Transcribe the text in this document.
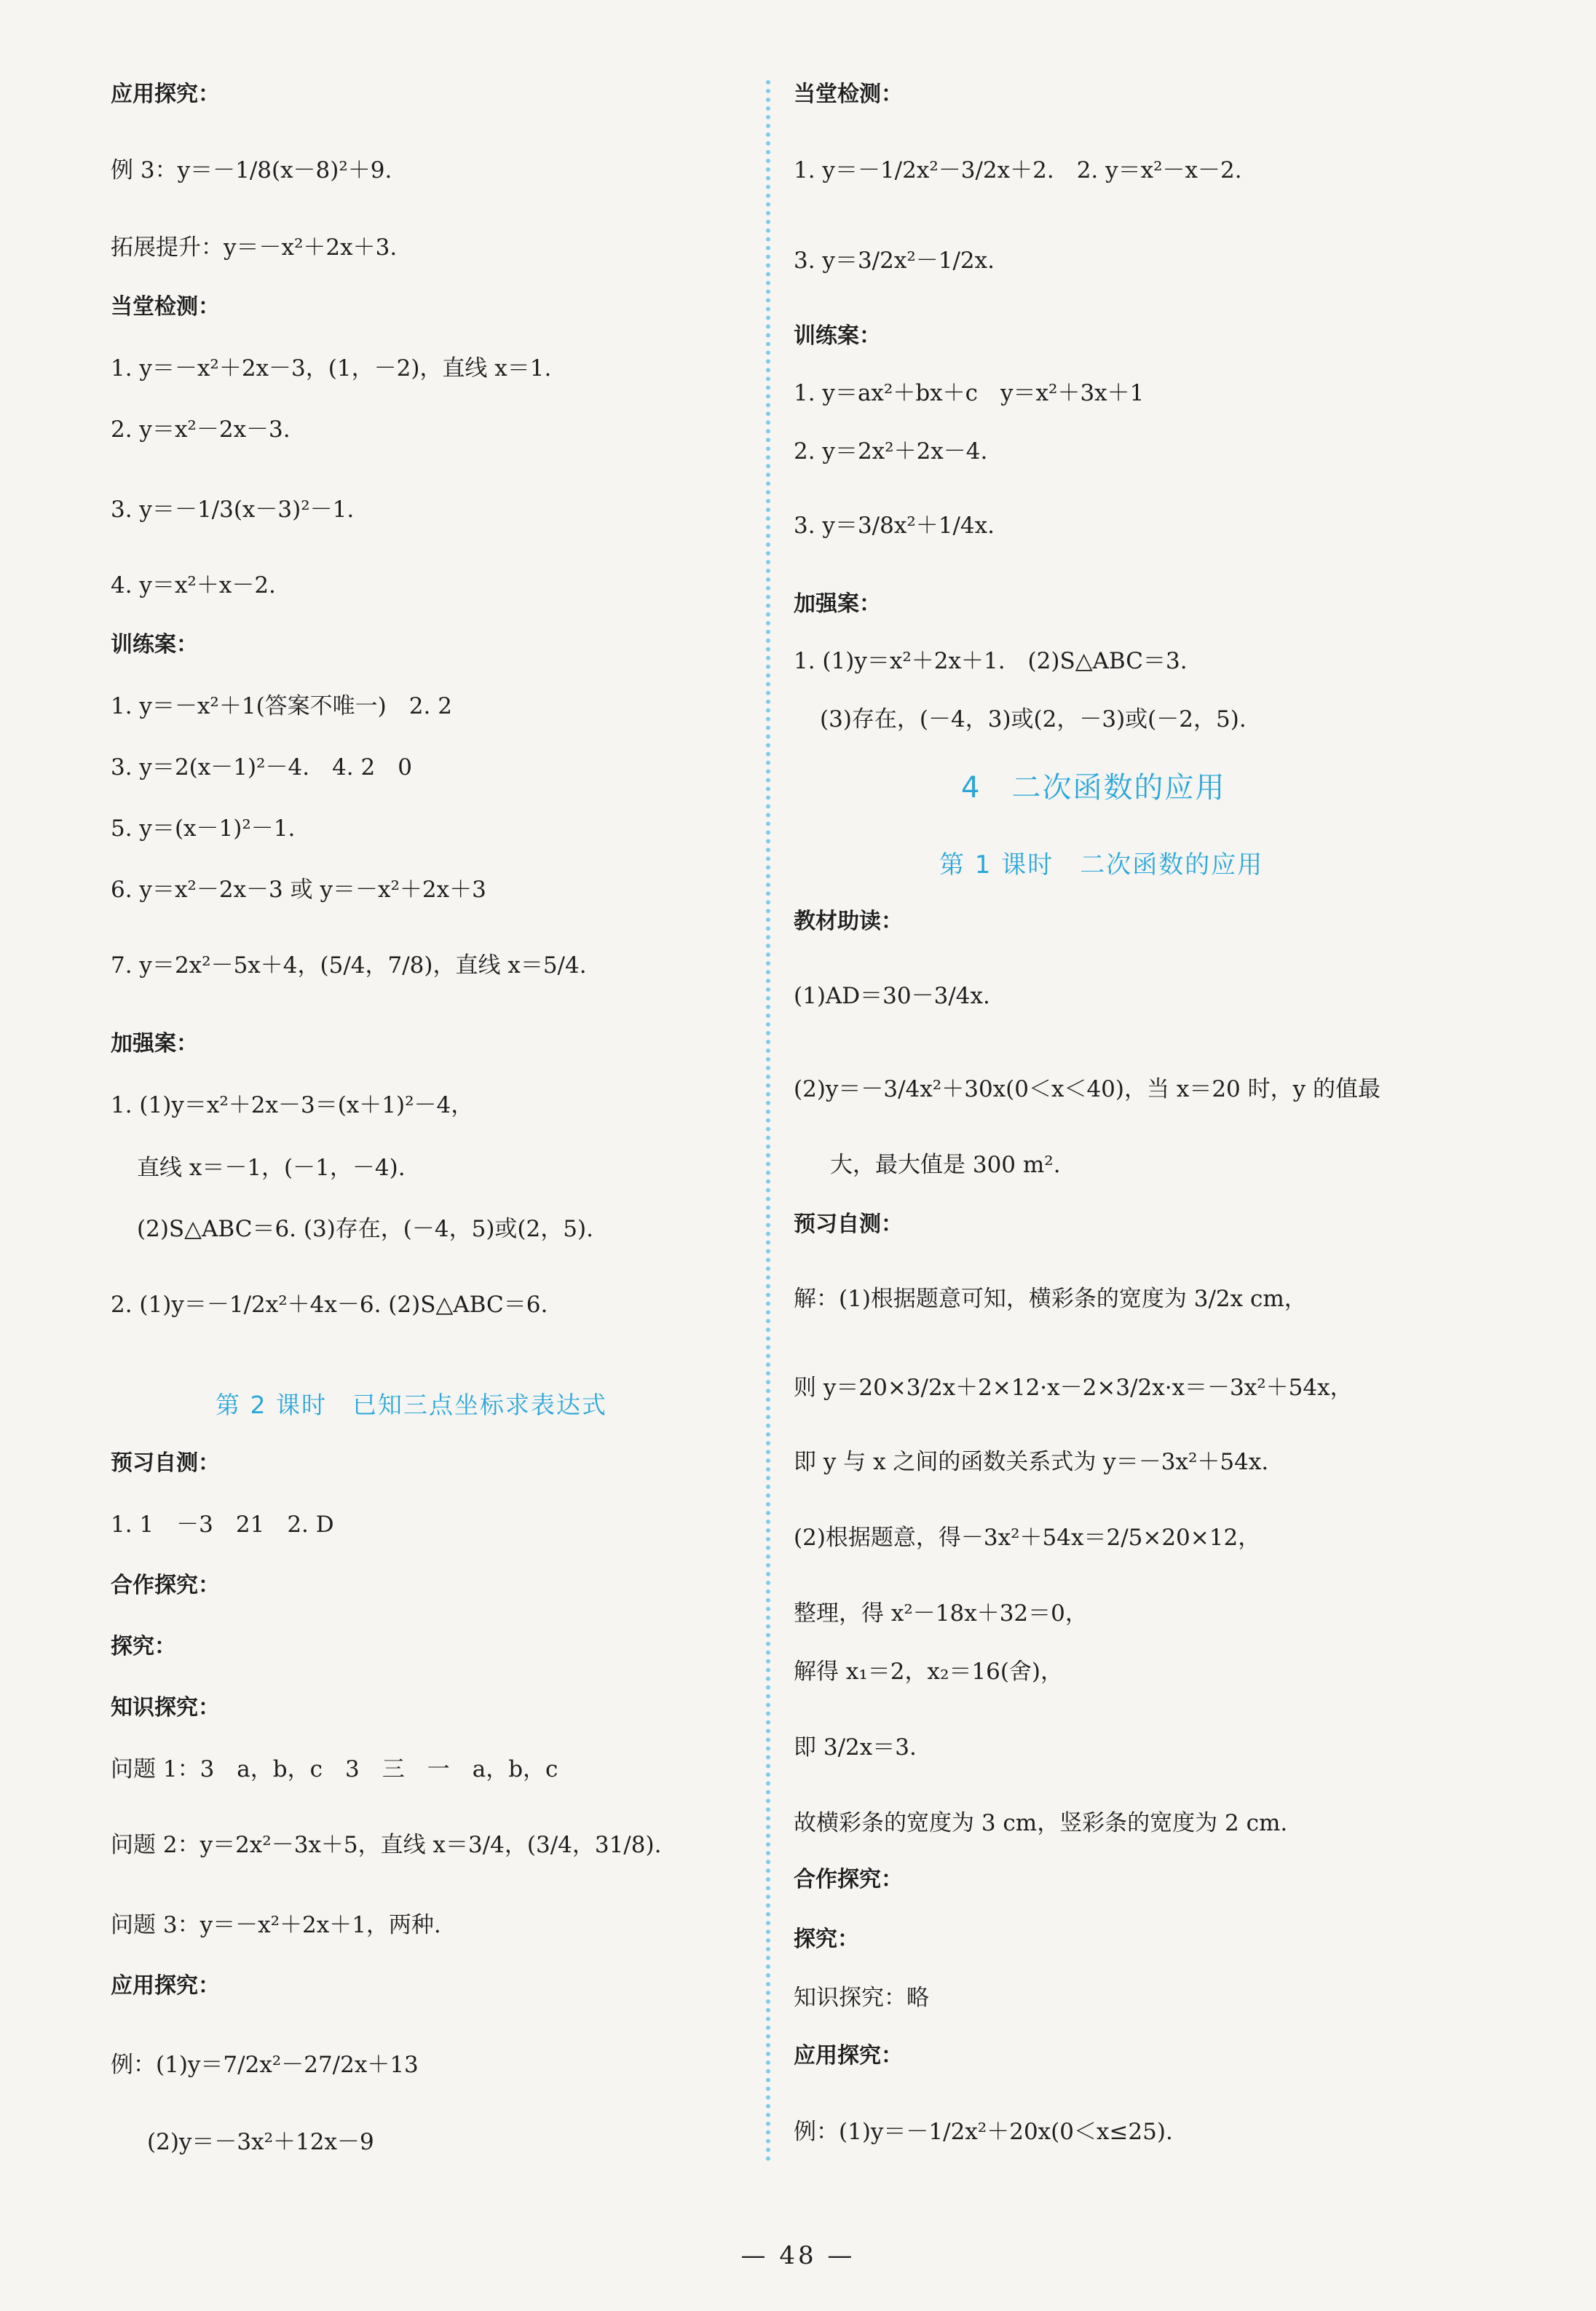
应用探究：
例 3：y＝－1/8(x－8)²＋9.
拓展提升：y＝－x²＋2x＋3.
当堂检测：
1. y＝－x²＋2x－3，(1，－2)，直线 x＝1.
2. y＝x²－2x－3.
3. y＝－1/3(x－3)²－1.
4. y＝x²＋x－2.
训练案：
1. y＝－x²＋1(答案不唯一)　2. 2
3. y＝2(x－1)²－4.　4. 2　0
5. y＝(x－1)²－1.
6. y＝x²－2x－3 或 y＝－x²＋2x＋3
7. y＝2x²－5x＋4，(5/4，7/8)，直线 x＝5/4.
加强案：
1. (1)y＝x²＋2x－3＝(x＋1)²－4，
直线 x＝－1，(－1，－4).
(2)S△ABC＝6. (3)存在，(－4，5)或(2，5).
2. (1)y＝－1/2x²＋4x－6. (2)S△ABC＝6.
第 2 课时　已知三点坐标求表达式
预习自测：
1. 1　－3　21　2. D
合作探究：
探究：
知识探究：
问题 1：3　a，b，c　3　三　一　a，b，c
问题 2：y＝2x²－3x＋5，直线 x＝3/4，(3/4，31/8).
问题 3：y＝－x²＋2x＋1，两种.
应用探究：
例：(1)y＝7/2x²－27/2x＋13
(2)y＝－3x²＋12x－9
当堂检测：
1. y＝－1/2x²－3/2x＋2.　2. y＝x²－x－2.
3. y＝3/2x²－1/2x.
训练案：
1. y＝ax²＋bx＋c　y＝x²＋3x＋1
2. y＝2x²＋2x－4.
3. y＝3/8x²＋1/4x.
加强案：
1. (1)y＝x²＋2x＋1.　(2)S△ABC＝3.
(3)存在，(－4，3)或(2，－3)或(－2，5).
4　二次函数的应用
第 1 课时　二次函数的应用
教材助读：
(1)AD＝30－3/4x.
(2)y＝－3/4x²＋30x(0＜x＜40)，当 x＝20 时，y 的值最
大，最大值是 300 m².
预习自测：
解：(1)根据题意可知，横彩条的宽度为 3/2x cm，
则 y＝20×3/2x＋2×12·x－2×3/2x·x＝－3x²＋54x，
即 y 与 x 之间的函数关系式为 y＝－3x²＋54x.
(2)根据题意，得－3x²＋54x＝2/5×20×12，
整理，得 x²－18x＋32＝0，
解得 x₁＝2，x₂＝16(舍)，
即 3/2x＝3.
故横彩条的宽度为 3 cm，竖彩条的宽度为 2 cm.
合作探究：
探究：
知识探究：略
应用探究：
例：(1)y＝－1/2x²＋20x(0＜x≤25).
— 48 —
